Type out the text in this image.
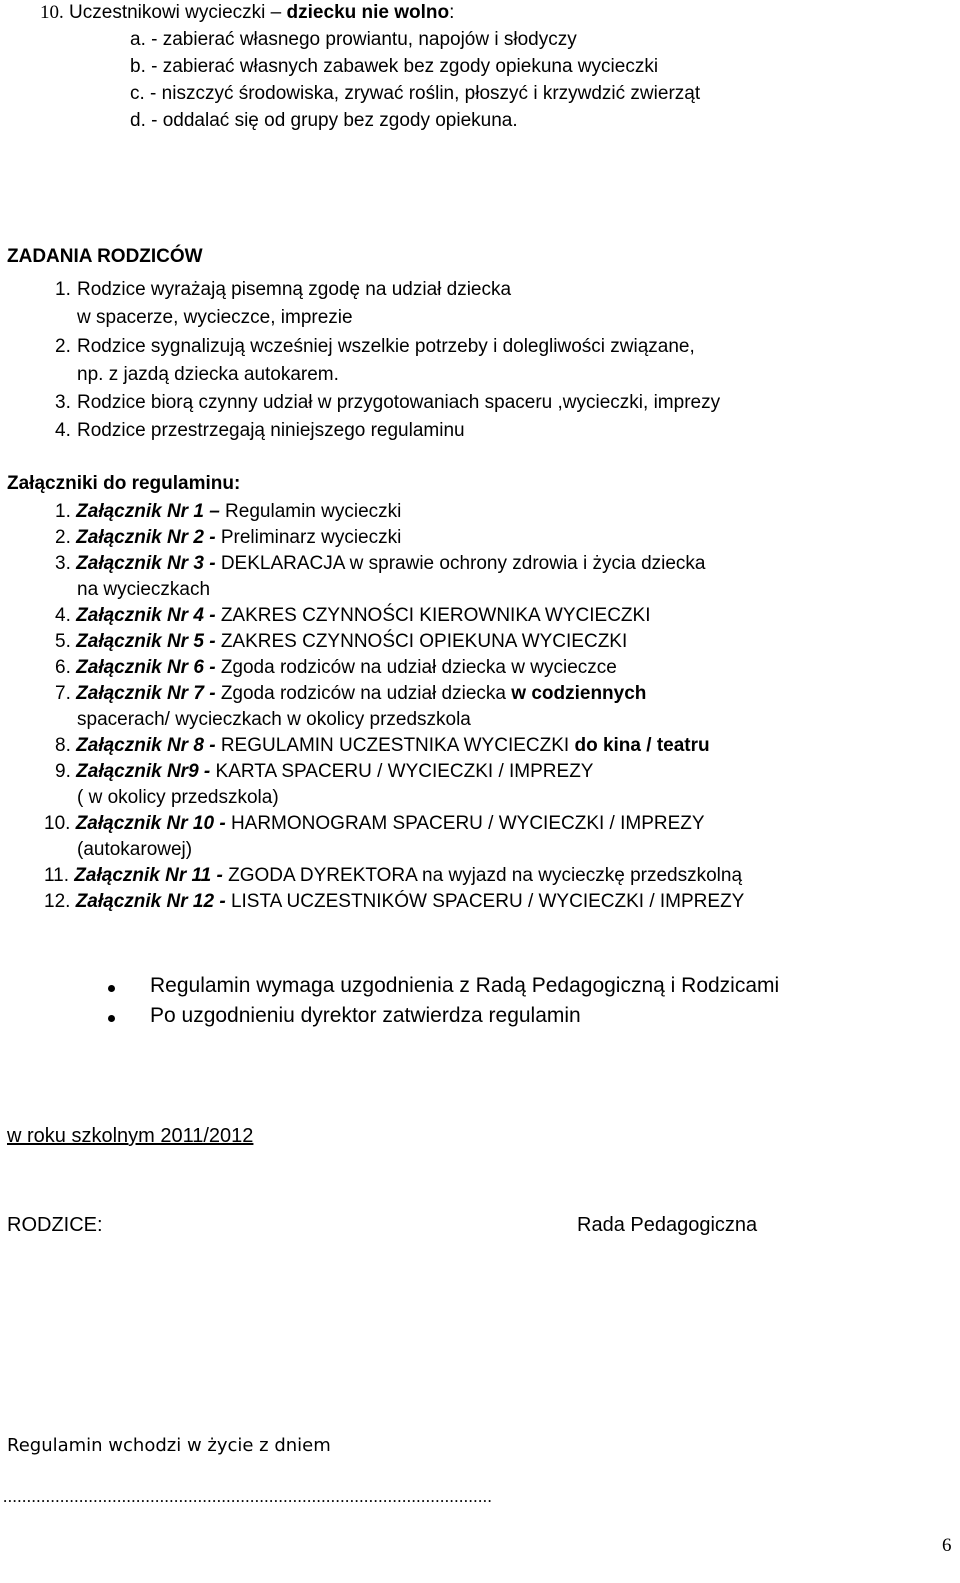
10. Uczestnikowi wycieczki – dziecku nie wolno:
a. - zabierać własnego prowiantu, napojów i słodyczy
b. - zabierać własnych zabawek bez zgody opiekuna wycieczki
c. - niszczyć środowiska, zrywać roślin, płoszyć i krzywdzić zwierząt
d. - oddalać się od grupy bez zgody opiekuna.
ZADANIA RODZICÓW
1. Rodzice wyrażają pisemną zgodę na udział dziecka
w spacerze, wycieczce, imprezie
2. Rodzice sygnalizują wcześniej wszelkie potrzeby i dolegliwości związane,
np. z jazdą dziecka autokarem.
3. Rodzice biorą czynny udział w przygotowaniach spaceru ,wycieczki, imprezy
4. Rodzice przestrzegają niniejszego regulaminu
Załączniki do regulaminu:
1. Załącznik Nr 1 – Regulamin wycieczki
2. Załącznik Nr 2 - Preliminarz wycieczki
3. Załącznik Nr 3 - DEKLARACJA w sprawie ochrony zdrowia i życia dziecka
na wycieczkach
4. Załącznik Nr 4 - ZAKRES CZYNNOŚCI KIEROWNIKA WYCIECZKI
5. Załącznik Nr 5 - ZAKRES CZYNNOŚCI OPIEKUNA WYCIECZKI
6. Załącznik Nr 6 - Zgoda rodziców na udział dziecka w wycieczce
7. Załącznik Nr 7 - Zgoda rodziców na udział dziecka w codziennych
spacerach/ wycieczkach w okolicy przedszkola
8. Załącznik Nr 8 - REGULAMIN UCZESTNIKA WYCIECZKI do kina / teatru
9. Załącznik Nr9 - KARTA SPACERU / WYCIECZKI / IMPREZY
( w okolicy przedszkola)
10. Załącznik Nr 10 - HARMONOGRAM SPACERU / WYCIECZKI / IMPREZY
(autokarowej)
11. Załącznik Nr 11 - ZGODA DYREKTORA na wyjazd na wycieczkę przedszkolną
12. Załącznik Nr 12 - LISTA UCZESTNIKÓW SPACERU / WYCIECZKI / IMPREZY
Regulamin wymaga uzgodnienia z Radą Pedagogiczną i Rodzicami
Po uzgodnieniu dyrektor zatwierdza regulamin
w roku szkolnym 2011/2012
RODZICE:	Rada Pedagogiczna
Regulamin wchodzi w życie z dniem
.......................................................................................................
6
